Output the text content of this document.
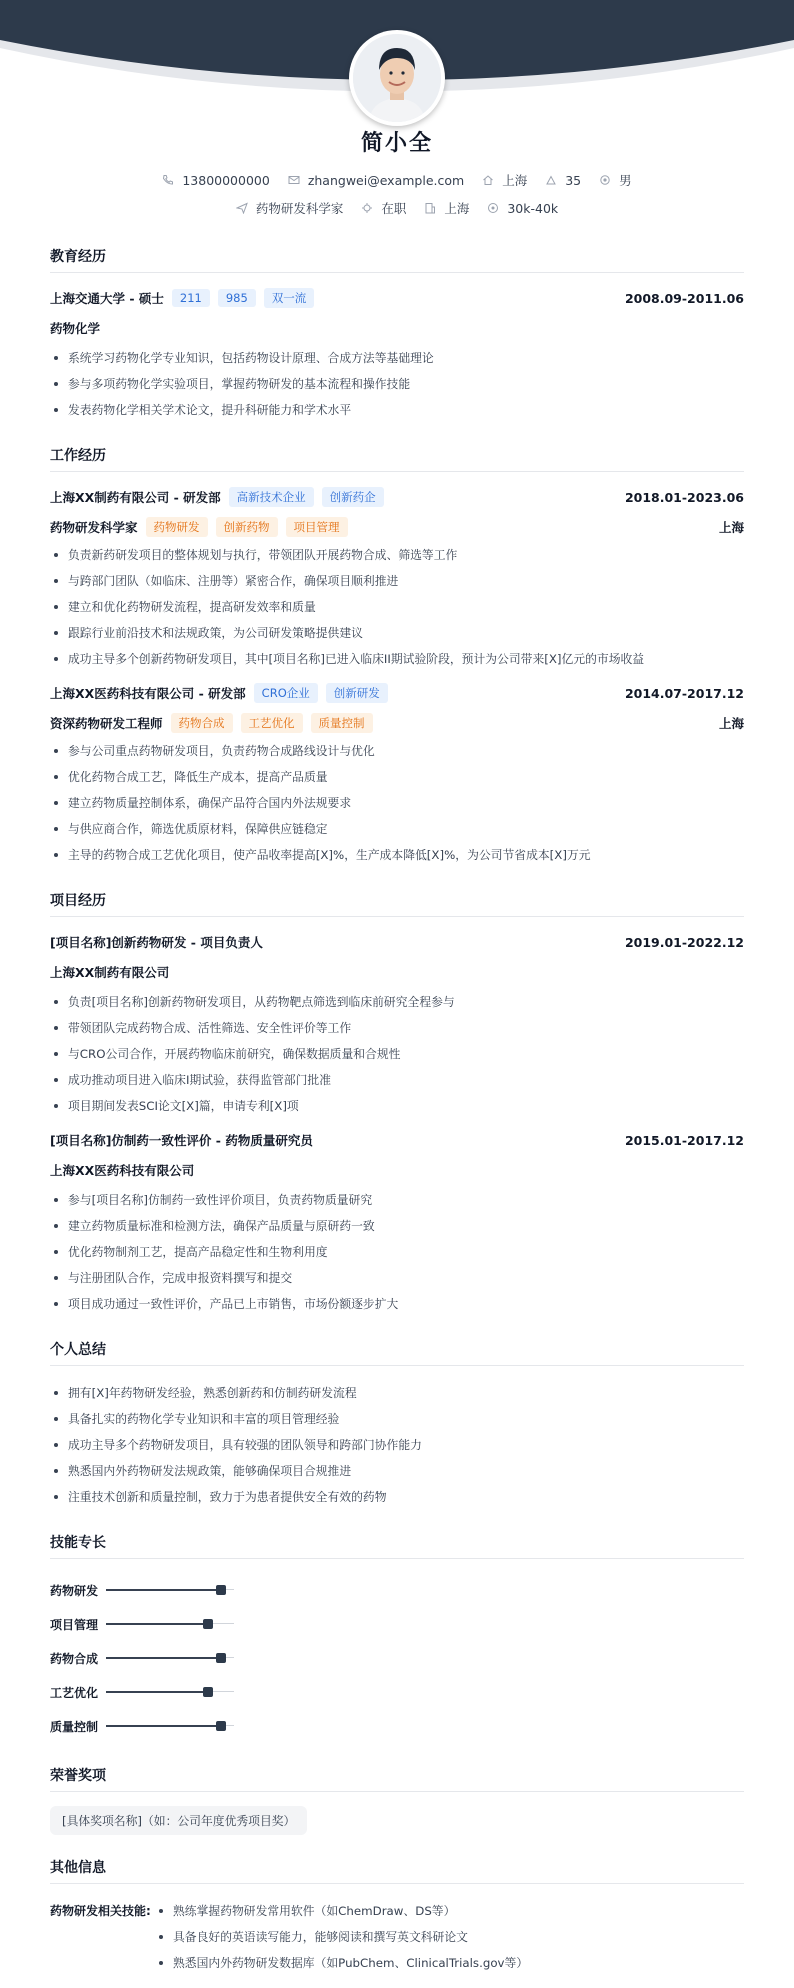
简小全
13800000000	zhangwei@example.com	上海	35	男
药物研发科学家	在职	上海	30k-40k
教育经历
上海交通大学 - 硕士	211	985	双一流	2008.09-2011.06
药物化学
系统学习药物化学专业知识，包括药物设计原理、合成方法等基础理论
参与多项药物化学实验项目，掌握药物研发的基本流程和操作技能
发表药物化学相关学术论文，提升科研能力和学术水平
工作经历
上海XX制药有限公司 - 研发部	高新技术企业	创新药企	2018.01-2023.06
药物研发科学家	药物研发	创新药物	项目管理	上海
负责新药研发项目的整体规划与执行，带领团队开展药物合成、筛选等工作
与跨部门团队（如临床、注册等）紧密合作，确保项目顺利推进
建立和优化药物研发流程，提高研发效率和质量
跟踪行业前沿技术和法规政策，为公司研发策略提供建议
成功主导多个创新药物研发项目，其中[项目名称]已进入临床II期试验阶段，预计为公司带来[X]亿元的市场收益
上海XX医药科技有限公司 - 研发部	CRO企业	创新研发	2014.07-2017.12
资深药物研发工程师	药物合成	工艺优化	质量控制	上海
参与公司重点药物研发项目，负责药物合成路线设计与优化
优化药物合成工艺，降低生产成本，提高产品质量
建立药物质量控制体系，确保产品符合国内外法规要求
与供应商合作，筛选优质原材料，保障供应链稳定
主导的药物合成工艺优化项目，使产品收率提高[X]%，生产成本降低[X]%，为公司节省成本[X]万元
项目经历
[项目名称]创新药物研发 - 项目负责人	2019.01-2022.12
上海XX制药有限公司
负责[项目名称]创新药物研发项目，从药物靶点筛选到临床前研究全程参与
带领团队完成药物合成、活性筛选、安全性评价等工作
与CRO公司合作，开展药物临床前研究，确保数据质量和合规性
成功推动项目进入临床I期试验，获得监管部门批准
项目期间发表SCI论文[X]篇，申请专利[X]项
[项目名称]仿制药一致性评价 - 药物质量研究员	2015.01-2017.12
上海XX医药科技有限公司
参与[项目名称]仿制药一致性评价项目，负责药物质量研究
建立药物质量标准和检测方法，确保产品质量与原研药一致
优化药物制剂工艺，提高产品稳定性和生物利用度
与注册团队合作，完成申报资料撰写和提交
项目成功通过一致性评价，产品已上市销售，市场份额逐步扩大
个人总结
拥有[X]年药物研发经验，熟悉创新药和仿制药研发流程
具备扎实的药物化学专业知识和丰富的项目管理经验
成功主导多个药物研发项目，具有较强的团队领导和跨部门协作能力
熟悉国内外药物研发法规政策，能够确保项目合规推进
注重技术创新和质量控制，致力于为患者提供安全有效的药物
技能专长
药物研发
项目管理
药物合成
工艺优化
质量控制
荣誉奖项
[具体奖项名称]（如：公司年度优秀项目奖）
其他信息
药物研发相关技能:	熟练掌握药物研发常用软件（如ChemDraw、DS等）
具备良好的英语读写能力，能够阅读和撰写英文科研论文
熟悉国内外药物研发数据库（如PubChem、ClinicalTrials.gov等）
